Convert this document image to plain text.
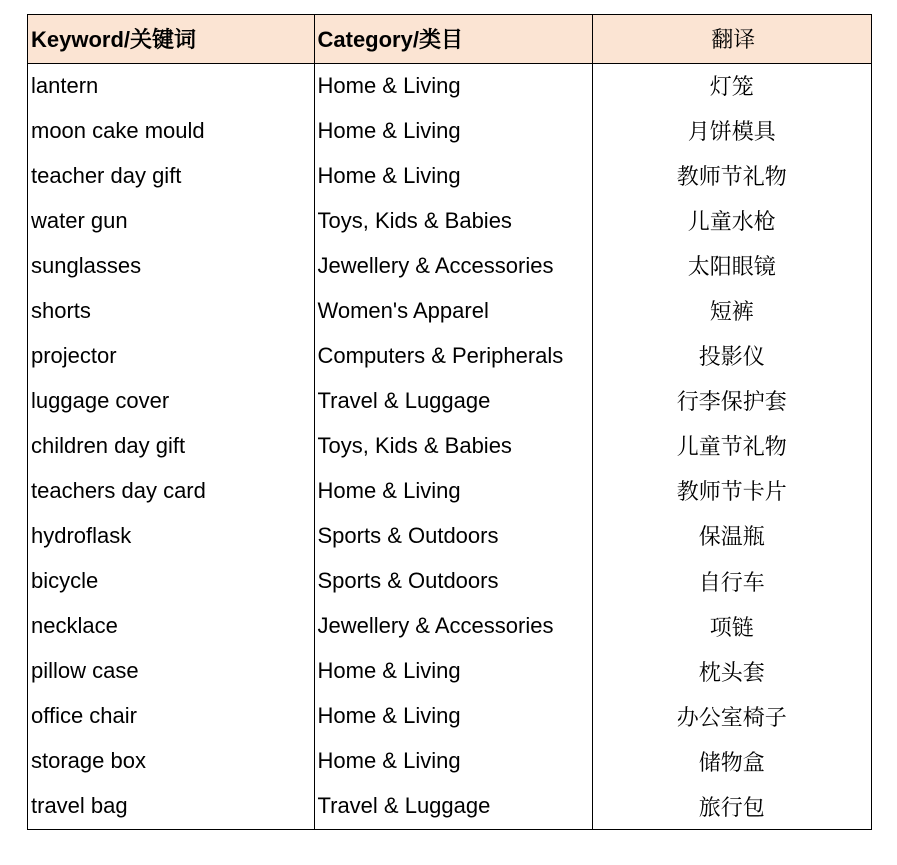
Keyword/关键词	Category/类目	翻译
lantern	Home & Living	灯笼
moon cake mould	Home & Living	月饼模具
teacher day gift	Home & Living	教师节礼物
water gun	Toys, Kids & Babies	儿童水枪
sunglasses	Jewellery & Accessories	太阳眼镜
shorts	Women's Apparel	短裤
projector	Computers & Peripherals	投影仪
luggage cover	Travel & Luggage	行李保护套
children day gift	Toys, Kids & Babies	儿童节礼物
teachers day card	Home & Living	教师节卡片
hydroflask	Sports & Outdoors	保温瓶
bicycle	Sports & Outdoors	自行车
necklace	Jewellery & Accessories	项链
pillow case	Home & Living	枕头套
office chair	Home & Living	办公室椅子
storage box	Home & Living	储物盒
travel bag	Travel & Luggage	旅行包
